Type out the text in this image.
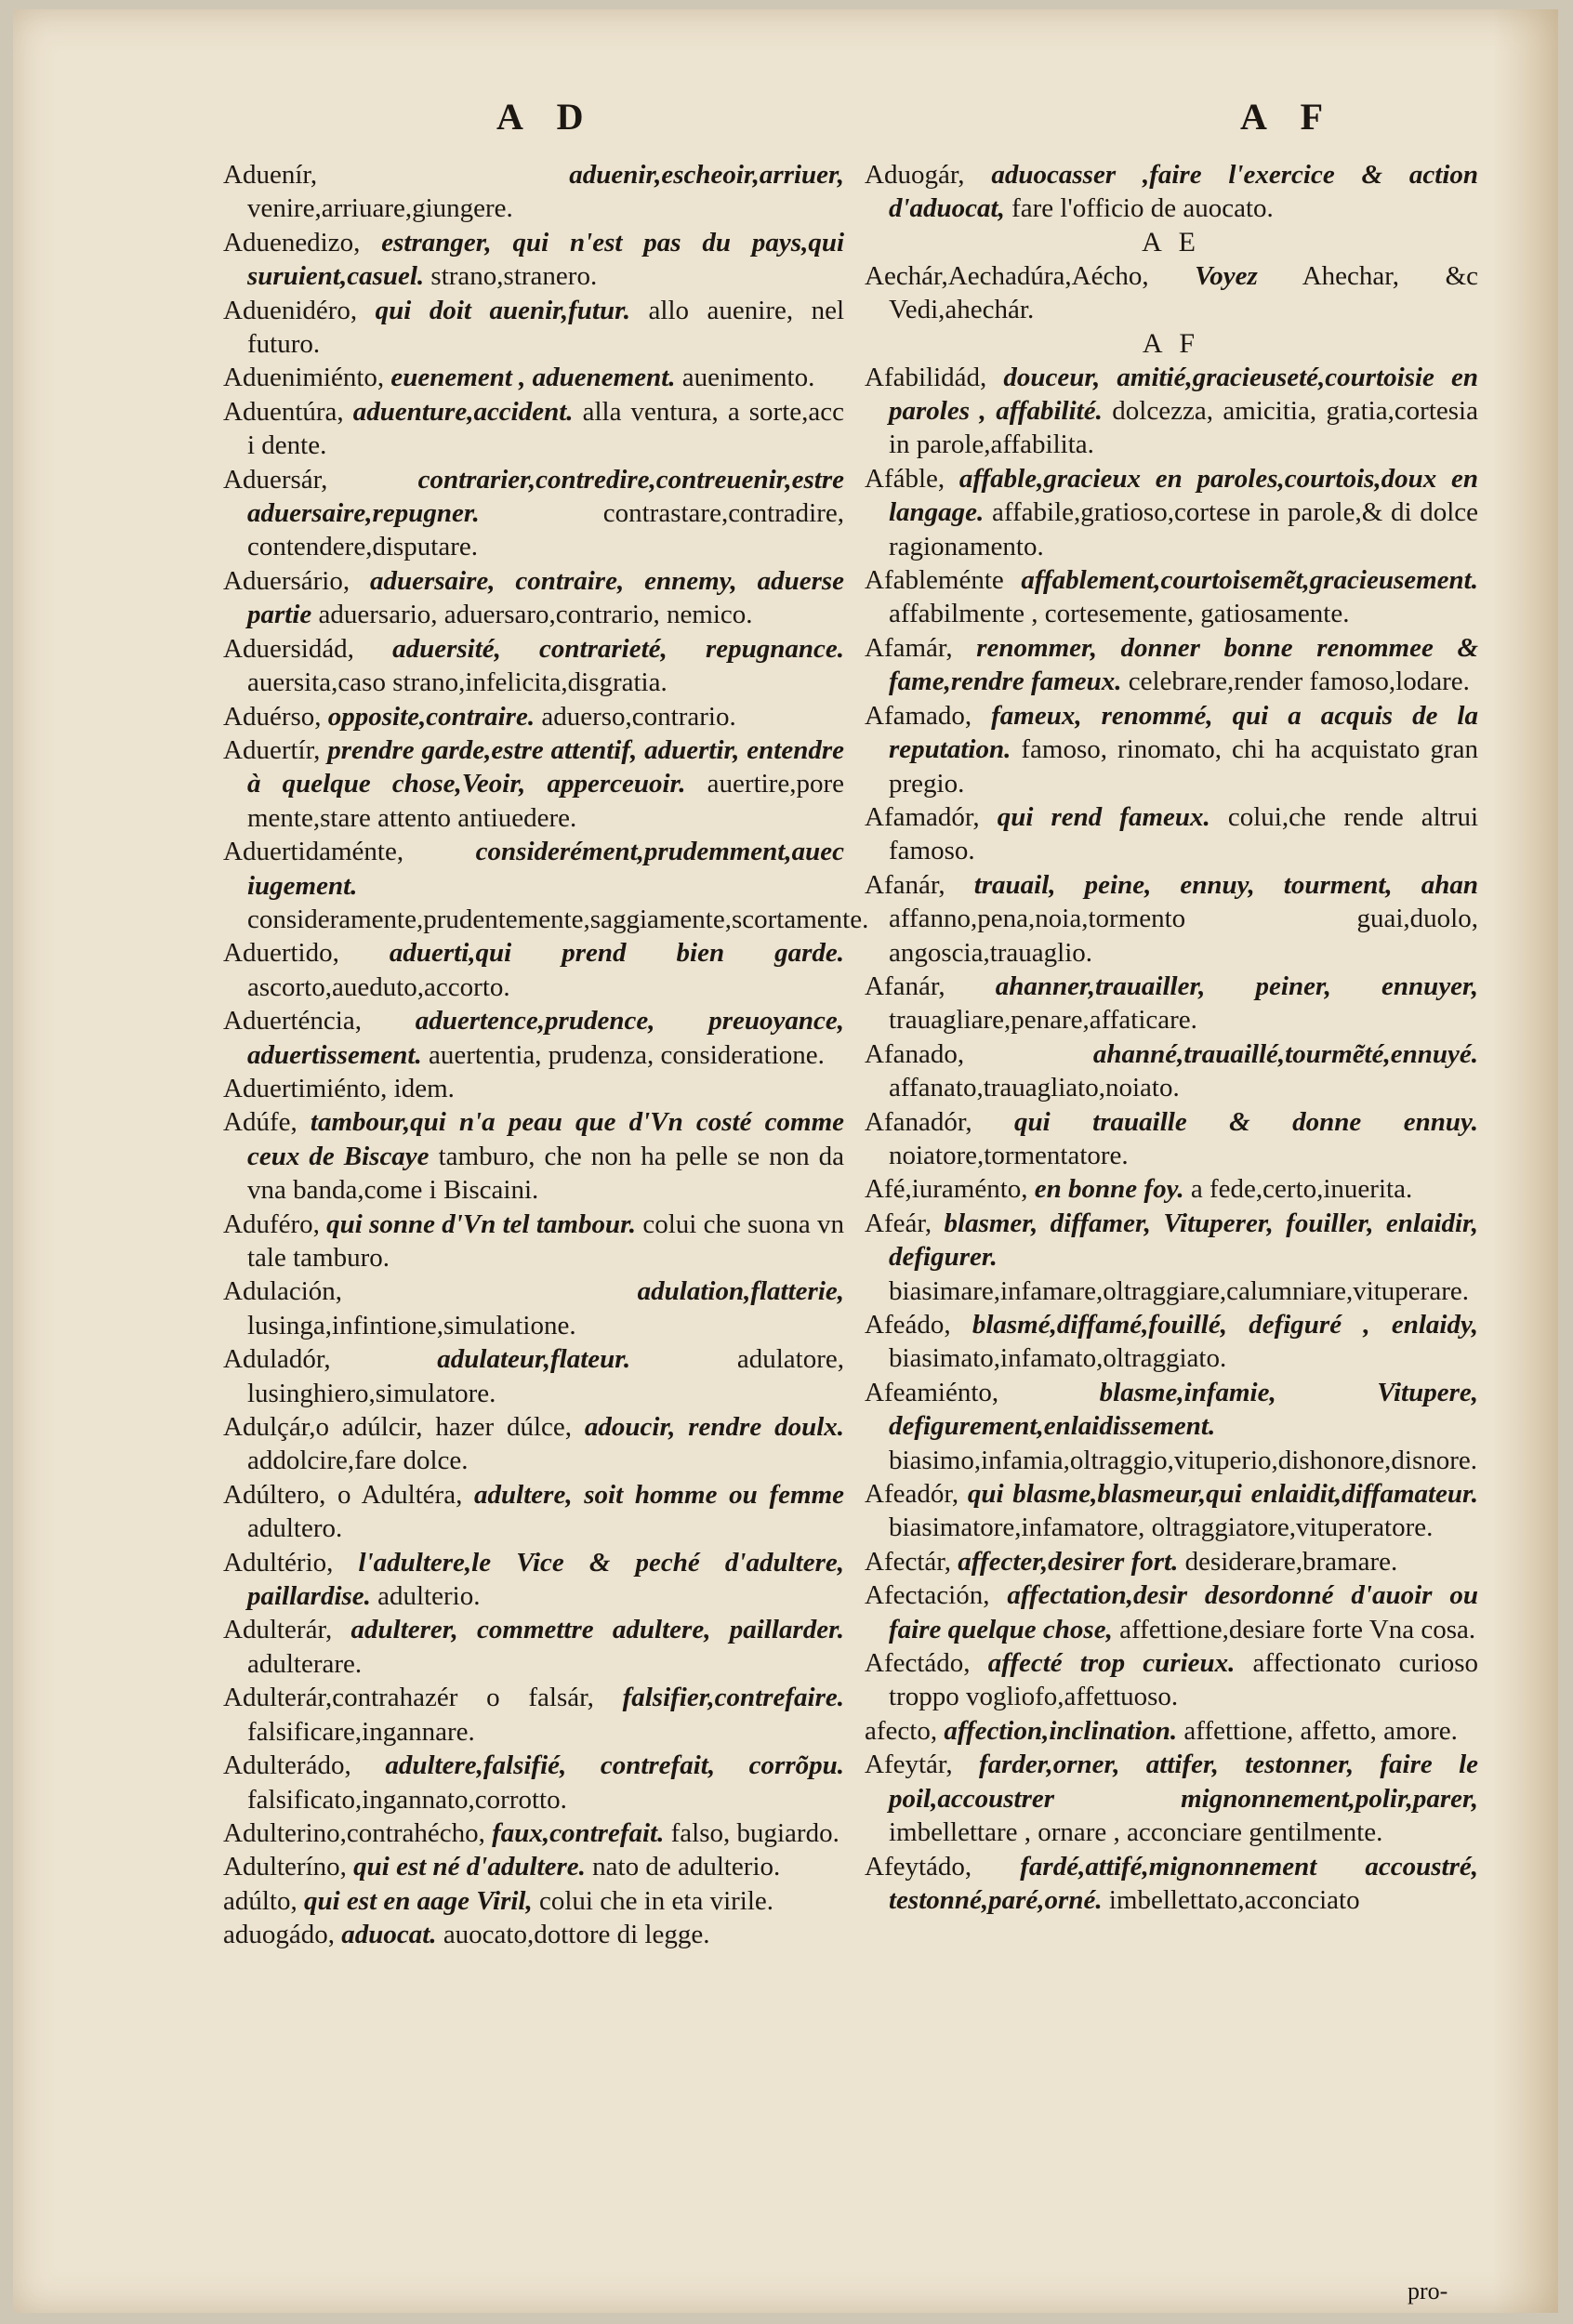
A D	A F

Aduenír,	aduenir,escheoir,arriuer, venire,arriuare,giungere.

Aduenedizo, estranger, qui n'est pas du pays,qui suruient,casuel. strano,stranero.

Aduenidéro, qui doit auenir,futur. allo auenire, nel futuro.

Aduenimiénto, euenement , aduenement. auenimento.

Aduentúra, aduenture,accident. alla ventura, a sorte,acc i dente.

Aduersár,	contrarier,contredire,contreuenir,estre aduersaire,repugner.	contrastare,contradire, contendere,disputare.

Aduersário, aduersaire, contraire, ennemy, aduerse partie aduersario, aduersaro,contrario, nemico.

Aduersidád, aduersité, contrarieté, repugnance. auersita,caso strano,infelicita,disgratia.

Aduérso, opposite,contraire. aduerso,contrario.

Aduertír, prendre garde,estre attentif, aduertir, entendre à quelque chose,Veoir, apperceuoir. auertire,pore mente,stare attento antiuedere.

Aduertidaménte,	considerément,prudemment,auec iugement. consideramente,prudentemente,saggiamente,scortamente.

Aduertido, aduerti,qui prend bien garde. ascorto,aueduto,accorto.

Aduerténcia, aduertence,prudence, preuoyance, aduertissement. auertentia, prudenza, consideratione.

Aduertimiénto, idem.

Adúfe, tambour,qui n'a peau que d'Vn costé comme ceux de Biscaye tamburo, che non ha pelle se non da vna banda,come i Biscaini.

Aduféro, qui sonne d'Vn tel tambour. colui che suona vn tale tamburo.

Adulación,	adulation,flatterie, lusinga,infintione,simulatione.

Aduladór,	adulateur,flateur.	adulatore, lusinghiero,simulatore.

Adulçár,o adúlcir, hazer dúlce, adoucir, rendre doulx. addolcire,fare dolce.

Adúltero, o Adultéra, adultere, soit homme ou femme adultero.

Adultério, l'adultere,le Vice & peché d'adultere, paillardise. adulterio.

Adulterár, adulterer, commettre adultere, paillarder. adulterare.

Adulterár,contrahazér o falsár, falsifier,contrefaire. falsificare,ingannare.

Adulterádo, adultere,falsifié, contrefait, corrõpu. falsificato,ingannato,corrotto.

Adulterino,contrahécho, faux,contrefait. falso, bugiardo.

Adulteríno, qui est né d'adultere. nato de adulterio.

adúlto, qui est en aage Viril, colui che in eta virile.

aduogádo, aduocat. auocato,dottore di legge.

Aduogár, aduocasser ,faire l'exercice & action d'aduocat, fare l'officio de auocato.

A E

Aechár,Aechadúra,Aécho, Voyez Ahechar, &c Vedi,ahechár.

A F

Afabilidád, douceur, amitié,gracieuseté,courtoisie en paroles , affabilité. dolcezza, amicitia, gratia,cortesia in parole,affabilita.

Afáble, affable,gracieux en paroles,courtois,doux en langage. affabile,gratioso,cortese in parole,& di dolce ragionamento.

Afableménte affablement,courtoisemẽt,gracieusement. affabilmente , cortesemente, gatiosamente.

Afamár, renommer, donner bonne renommee & fame,rendre fameux. celebrare,render famoso,lodare.

Afamado, fameux, renommé, qui a acquis de la reputation. famoso, rinomato, chi ha acquistato gran pregio.

Afamadór, qui rend fameux. colui,che rende altrui famoso.

Afanár, trauail, peine, ennuy, tourment, ahan affanno,pena,noia,tormento guai,duolo, angoscia,trauaglio.

Afanár, ahanner,trauailler, peiner, ennuyer, trauagliare,penare,affaticare.

Afanado,	ahanné,trauaillé,tourmẽté,ennuyé. affanato,trauagliato,noiato.

Afanadór, qui trauaille & donne ennuy. noiatore,tormentatore.

Afé,iuraménto, en bonne foy. a fede,certo,inuerita.

Afeár, blasmer, diffamer, Vituperer, fouiller, enlaidir, defigurer. biasimare,infamare,oltraggiare,calumniare,vituperare.

Afeádo, blasmé,diffamé,fouillé, defiguré , enlaidy, biasimato,infamato,oltraggiato.

Afeamiénto,	blasme,infamie, Vitupere, defigurement,enlaidissement. biasimo,infamia,oltraggio,vituperio,dishonore,disnore.

Afeadór, qui blasme,blasmeur,qui enlaidit,diffamateur. biasimatore,infamatore, oltraggiatore,vituperatore.

Afectár, affecter,desirer fort. desiderare,bramare.

Afectación, affectation,desir desordonné d'auoir ou faire quelque chose, affettione,desiare forte Vna cosa.

Afectádo, affecté trop curieux. affectionato curioso troppo vogliofo,affettuoso.

afecto, affection,inclination. affettione, affetto, amore.

Afeytár, farder,orner, attifer, testonner, faire le poil,accoustrer mignonnement,polir,parer, imbellettare , ornare , acconciare gentilmente.

Afeytádo, fardé,attifé,mignonnement accoustré, testonné,paré,orné. imbellettato,acconciato

pro-
